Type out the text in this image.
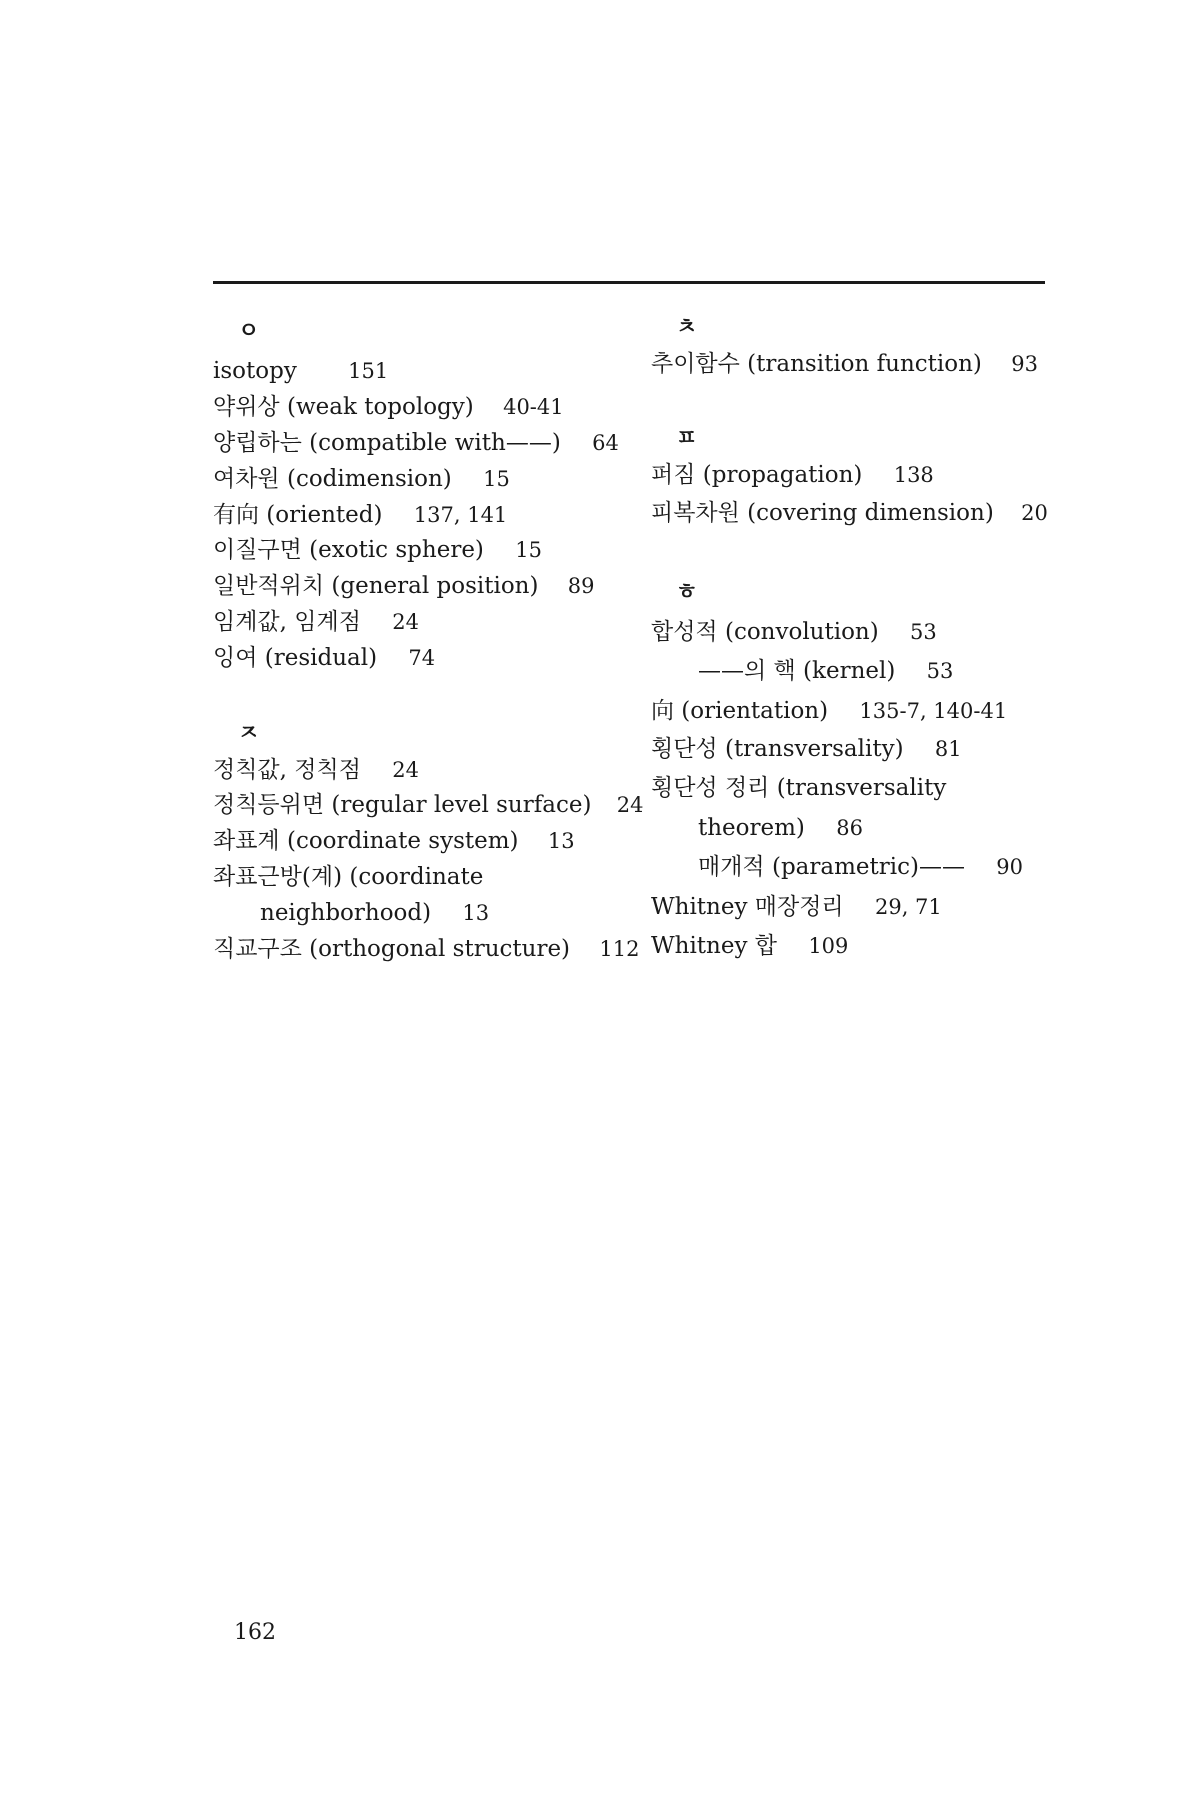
ㅇ
isotopy 151
약위상 (weak topology) 40-41
양립하는 (compatible with——) 64
여차원 (codimension) 15
有向 (oriented) 137, 141
이질구면 (exotic sphere) 15
일반적위치 (general position) 89
임계값, 임계점 24
잉여 (residual) 74
ㅈ
정칙값, 정칙점 24
정칙등위면 (regular level surface) 24
좌표계 (coordinate system) 13
좌표근방(계) (coordinate
neighborhood) 13
직교구조 (orthogonal structure) 112
ㅊ
추이함수 (transition function) 93
ㅍ
퍼짐 (propagation) 138
피복차원 (covering dimension) 20
ㅎ
합성적 (convolution) 53
——의 핵 (kernel) 53
向 (orientation) 135-7, 140-41
횡단성 (transversality) 81
횡단성 정리 (transversality
theorem) 86
매개적 (parametric)—— 90
Whitney 매장정리 29, 71
Whitney 합 109
162
